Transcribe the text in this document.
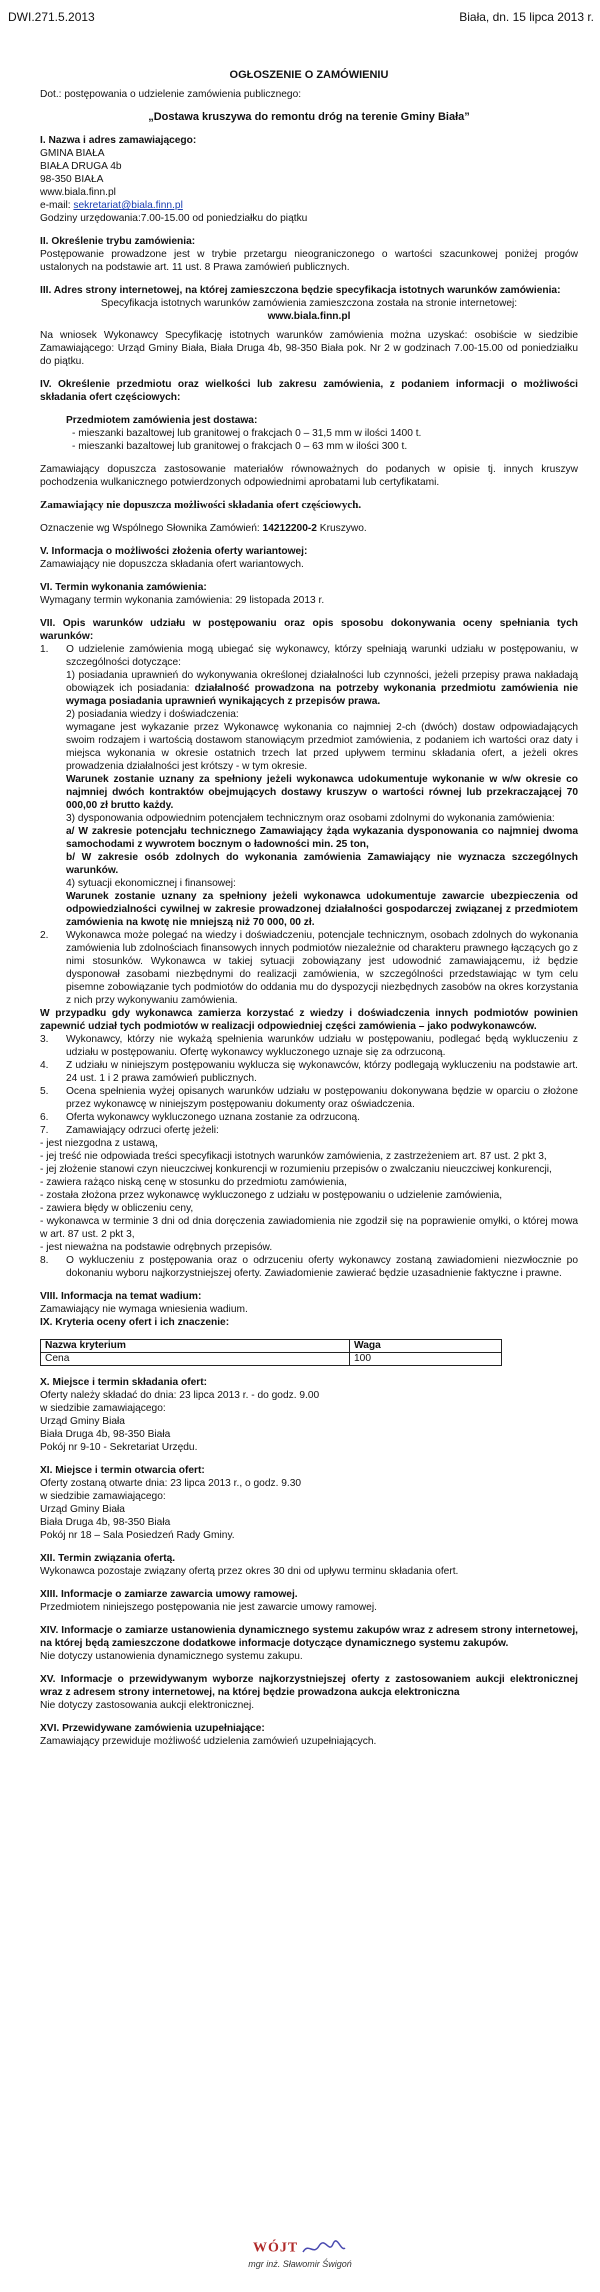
DWI.271.5.2013	Biała, dn. 15 lipca 2013 r.
OGŁOSZENIE O ZAMÓWIENIU

Dot.: postępowania o udzielenie zamówienia publicznego:

„Dostawa kruszywa do remontu dróg na terenie Gminy Biała”

I. Nazwa i adres zamawiającego:

GMINA BIAŁA

BIAŁA DRUGA 4b

98-350 BIAŁA

www.biala.finn.pl

e-mail: sekretariat@biala.finn.pl

Godziny urzędowania:7.00-15.00 od poniedziałku do piątku

II. Określenie trybu zamówienia:

Postępowanie prowadzone jest w trybie przetargu nieograniczonego o wartości szacunkowej poniżej progów ustalonych na podstawie art. 11 ust. 8 Prawa zamówień publicznych.

III. Adres strony internetowej, na której zamieszczona będzie specyfikacja istotnych warunków zamówienia:

Specyfikacja istotnych warunków zamówienia zamieszczona została na stronie internetowej:

www.biala.finn.pl

Na wniosek Wykonawcy Specyfikację istotnych warunków zamówienia można uzyskać: osobiście w siedzibie Zamawiającego: Urząd Gminy Biała, Biała Druga 4b, 98-350 Biała pok. Nr 2 w godzinach 7.00-15.00 od poniedziałku do piątku.

IV. Określenie przedmiotu oraz wielkości lub zakresu zamówienia, z podaniem informacji o możliwości składania ofert częściowych:

Przedmiotem zamówienia jest dostawa:

- mieszanki bazaltowej lub granitowej o frakcjach 0 – 31,5 mm w ilości 1400 t.

- mieszanki bazaltowej lub granitowej o frakcjach 0 – 63 mm w ilości 300 t.

Zamawiający dopuszcza zastosowanie materiałów równoważnych do podanych w opisie tj. innych kruszyw pochodzenia wulkanicznego potwierdzonych odpowiednimi aprobatami lub certyfikatami.

Zamawiający nie dopuszcza możliwości składania ofert częściowych.

Oznaczenie wg Wspólnego Słownika Zamówień: 14212200-2 Kruszywo.

V. Informacja o możliwości złożenia oferty wariantowej:

Zamawiający nie dopuszcza składania ofert wariantowych.

VI. Termin wykonania zamówienia:

Wymagany termin wykonania zamówienia: 29 listopada 2013 r.

VII. Opis warunków udziału w postępowaniu oraz opis sposobu dokonywania oceny spełniania tych warunków:

1.	O udzielenie zamówienia mogą ubiegać się wykonawcy, którzy spełniają warunki udziału w postępowaniu, w szczególności dotyczące:

1) posiadania uprawnień do wykonywania określonej działalności lub czynności, jeżeli przepisy prawa nakładają obowiązek ich posiadania: działalność prowadzona na potrzeby wykonania przedmiotu zamówienia nie wymaga posiadania uprawnień wynikających z przepisów prawa.

2) posiadania wiedzy i doświadczenia:

wymagane jest wykazanie przez Wykonawcę wykonania co najmniej 2-ch (dwóch) dostaw odpowiadających swoim rodzajem i wartością dostawom stanowiącym przedmiot zamówienia, z podaniem ich wartości oraz daty i miejsca wykonania w okresie ostatnich trzech lat przed upływem terminu składania ofert, a jeżeli okres prowadzenia działalności jest krótszy - w tym okresie.

Warunek zostanie uznany za spełniony jeżeli wykonawca udokumentuje wykonanie w w/w okresie co najmniej dwóch kontraktów obejmujących dostawy kruszyw o wartości równej lub przekraczającej 70 000,00 zł brutto każdy.

3) dysponowania odpowiednim potencjałem technicznym oraz osobami zdolnymi do wykonania zamówienia:

a/ W zakresie potencjału technicznego Zamawiający żąda wykazania dysponowania co najmniej dwoma samochodami z wywrotem bocznym o ładowności min. 25 ton,

b/ W zakresie osób zdolnych do wykonania zamówienia Zamawiający nie wyznacza szczególnych warunków.

4) sytuacji ekonomicznej i finansowej:

Warunek zostanie uznany za spełniony jeżeli wykonawca udokumentuje zawarcie ubezpieczenia od odpowiedzialności cywilnej w zakresie prowadzonej działalności gospodarczej związanej z przedmiotem zamówienia na kwotę nie mniejszą niż 70 000, 00 zł.

2.	Wykonawca może polegać na wiedzy i doświadczeniu, potencjale technicznym, osobach zdolnych do wykonania zamówienia lub zdolnościach finansowych innych podmiotów niezależnie od charakteru prawnego łączących go z nimi stosunków. Wykonawca w takiej sytuacji zobowiązany jest udowodnić zamawiającemu, iż będzie dysponował zasobami niezbędnymi do realizacji zamówienia, w szczególności przedstawiając w tym celu pisemne zobowiązanie tych podmiotów do oddania mu do dyspozycji niezbędnych zasobów na okres korzystania z nich przy wykonywaniu zamówienia.

W przypadku gdy wykonawca zamierza korzystać z wiedzy i doświadczenia innych podmiotów powinien zapewnić udział tych podmiotów w realizacji odpowiedniej części zamówienia – jako podwykonawców.

3.	Wykonawcy, którzy nie wykażą spełnienia warunków udziału w postępowaniu, podlegać będą wykluczeniu z udziału w postępowaniu. Ofertę wykonawcy wykluczonego uznaje się za odrzuconą.

4.	Z udziału w niniejszym postępowaniu wyklucza się wykonawców, którzy podlegają wykluczeniu na podstawie art. 24 ust. 1 i 2 prawa zamówień publicznych.

5.	Ocena spełnienia wyżej opisanych warunków udziału w postępowaniu dokonywana będzie w oparciu o złożone przez wykonawcę w niniejszym postępowaniu dokumenty oraz oświadczenia.

6.	Oferta wykonawcy wykluczonego uznana zostanie za odrzuconą.

7.	Zamawiający odrzuci ofertę jeżeli:

- jest niezgodna z ustawą,

- jej treść nie odpowiada treści specyfikacji istotnych warunków zamówienia, z zastrzeżeniem art. 87 ust. 2 pkt 3,

- jej złożenie stanowi czyn nieuczciwej konkurencji w rozumieniu przepisów o zwalczaniu nieuczciwej konkurencji,

- zawiera rażąco niską cenę w stosunku do przedmiotu zamówienia,

- została złożona przez wykonawcę wykluczonego z udziału w postępowaniu o udzielenie zamówienia,

- zawiera błędy w obliczeniu ceny,

- wykonawca w terminie 3 dni od dnia doręczenia zawiadomienia nie zgodził się na poprawienie omyłki, o której mowa w art. 87 ust. 2 pkt 3,

- jest nieważna na podstawie odrębnych przepisów.

8.	O wykluczeniu z postępowania oraz o odrzuceniu oferty wykonawcy zostaną zawiadomieni niezwłocznie po dokonaniu wyboru najkorzystniejszej oferty. Zawiadomienie zawierać będzie uzasadnienie faktyczne i prawne.

VIII. Informacja na temat wadium:

Zamawiający nie wymaga wniesienia wadium.

IX. Kryteria oceny ofert i ich znaczenie:

Nazwa kryterium	Waga
Cena	100

X. Miejsce i termin składania ofert:

Oferty należy składać do dnia: 23 lipca 2013 r. - do godz. 9.00

w siedzibie zamawiającego:

Urząd Gminy Biała

Biała Druga 4b, 98-350 Biała

Pokój nr 9-10 - Sekretariat Urzędu.

XI. Miejsce i termin otwarcia ofert:

Oferty zostaną otwarte dnia: 23 lipca 2013 r., o godz. 9.30

w siedzibie zamawiającego:

Urząd Gminy Biała

Biała Druga 4b, 98-350 Biała

Pokój nr 18 – Sala Posiedzeń Rady Gminy.

XII. Termin związania ofertą.

Wykonawca pozostaje związany ofertą przez okres 30 dni od upływu terminu składania ofert.

XIII. Informacje o zamiarze zawarcia umowy ramowej.

Przedmiotem niniejszego postępowania nie jest zawarcie umowy ramowej.

XIV. Informacje o zamiarze ustanowienia dynamicznego systemu zakupów wraz z adresem strony internetowej, na której będą zamieszczone dodatkowe informacje dotyczące dynamicznego systemu zakupów.

Nie dotyczy ustanowienia dynamicznego systemu zakupu.

XV. Informacje o przewidywanym wyborze najkorzystniejszej oferty z zastosowaniem aukcji elektronicznej wraz z adresem strony internetowej, na której będzie prowadzona aukcja elektroniczna

Nie dotyczy zastosowania aukcji elektronicznej.

XVI. Przewidywane zamówienia uzupełniające:

Zamawiający przewiduje możliwość udzielenia zamówień uzupełniających.

WÓJT
mgr inż. Sławomir Świgoń
